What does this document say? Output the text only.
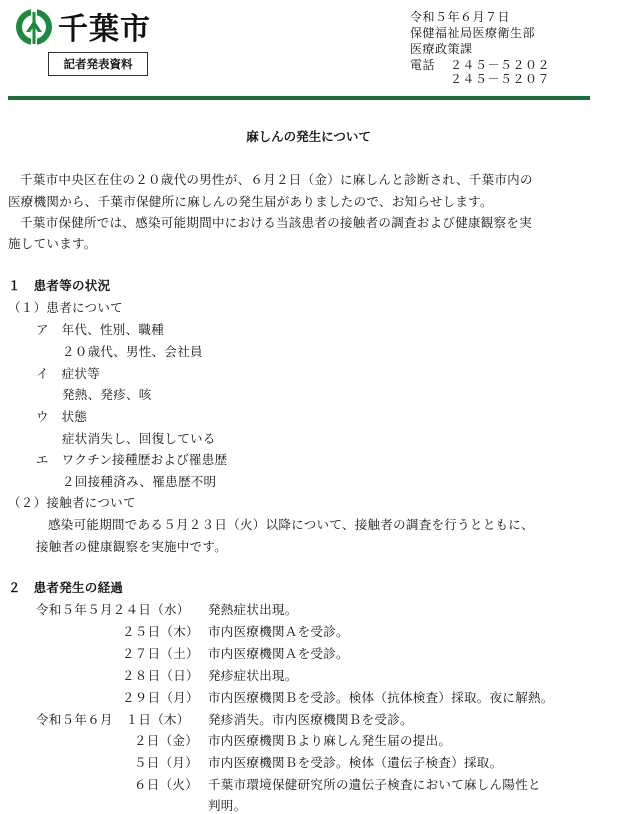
千葉市
記者発表資料
令和５年６月７日
保健福祉局医療衛生部
医療政策課
電話 ２４５－５２０２
２４５－５２０７
麻しんの発生について
千葉市中央区在住の２０歳代の男性が、６月２日（金）に麻しんと診断され、千葉市内の
医療機関から、千葉市保健所に麻しんの発生届がありましたので、お知らせします。
千葉市保健所では、感染可能期間中における当該患者の接触者の調査および健康観察を実
施しています。
１　患者等の状況
（１）患者について
ア　年代、性別、職種
２０歳代、男性、会社員
イ　症状等
発熱、発疹、咳
ウ　状態
症状消失し、回復している
エ　ワクチン接種歴および罹患歴
２回接種済み、罹患歴不明
（２）接触者について
感染可能期間である５月２３日（火）以降について、接触者の調査を行うとともに、
接触者の健康観察を実施中です。
２　患者発生の経過
令和５年５月２４日（水） 発熱症状出現。
２５日（木） 市内医療機関Ａを受診。
２７日（土） 市内医療機関Ａを受診。
２８日（日） 発疹症状出現。
２９日（月） 市内医療機関Ｂを受診。検体（抗体検査）採取。夜に解熱。
令和５年６月　１日（木） 発疹消失。市内医療機関Ｂを受診。
２日（金） 市内医療機関Ｂより麻しん発生届の提出。
５日（月） 市内医療機関Ｂを受診。検体（遺伝子検査）採取。
６日（火） 千葉市環境保健研究所の遺伝子検査において麻しん陽性と
判明。
